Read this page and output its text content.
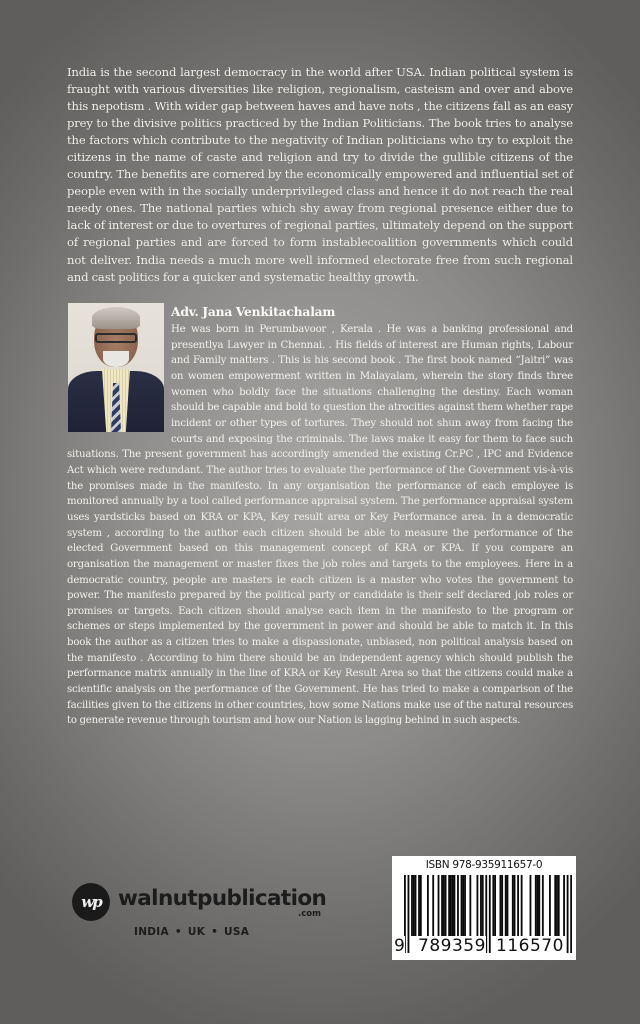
India is the second largest democracy in the world after USA. Indian political system is fraught with various diversities like religion, regionalism, casteism and over and above this nepotism . With wider gap between haves and have nots , the citizens fall as an easy prey to the divisive politics practiced by the Indian Politicians. The book tries to analyse the factors which contribute to the negativity of Indian politicians who try to exploit the citizens in the name of caste and religion and try to divide the gullible citizens of the country. The benefits are cornered by the economically empowered and influential set of people even with in the socially underprivileged class and hence it do not reach the real needy ones. The national parties which shy away from regional presence either due to lack of interest or due to overtures of regional parties, ultimately depend on the support of regional parties and are forced to form instablecoalition governments which could not deliver. India needs a much more well informed electorate free from such regional and cast politics for a quicker and systematic healthy growth.
Adv. Jana Venkitachalam
He was born in Perumbavoor , Kerala . He was a banking professional and presentlya Lawyer in Chennai. . His fields of interest are Human rights, Labour and Family matters . This is his second book . The first book named “Jaitri” was on women empowerment written in Malayalam, wherein the story finds three women who boldly face the situations challenging the destiny. Each woman should be capable and bold to question the atrocities against them whether rape incident or other types of tortures. They should not shun away from facing the courts and exposing the criminals. The laws make it easy for them to face such situations. The present government has accordingly amended the existing Cr.PC , IPC and Evidence Act which were redundant. The author tries to evaluate the performance of the Government vis-à-vis the promises made in the manifesto. In any organisation the performance of each employee is monitored annually by a tool called performance appraisal system. The performance appraisal system uses yardsticks based on KRA or KPA, Key result area or Key Performance area. In a democratic system , according to the author each citizen should be able to measure the performance of the elected Government based on this management concept of KRA or KPA. If you compare an organisation the management or master fixes the job roles and targets to the employees. Here in a democratic country, people are masters ie each citizen is a master who votes the government to power. The manifesto prepared by the political party or candidate is their self declared job roles or promises or targets. Each citizen should analyse each item in the manifesto to the program or schemes or steps implemented by the government in power and should be able to match it. In this book the author as a citizen tries to make a dispassionate, unbiased, non political analysis based on the manifesto . According to him there should be an independent agency which should publish the performance matrix annually in the line of KRA or Key Result Area so that the citizens could make a scientific analysis on the performance of the Government. He has tried to make a comparison of the facilities given to the citizens in other countries, how some Nations make use of the natural resources to generate revenue through tourism and how our Nation is lagging behind in such aspects.
wp walnutpublication
.com
INDIA • UK • USA
ISBN 978-935911657-0
9 789359 116570
